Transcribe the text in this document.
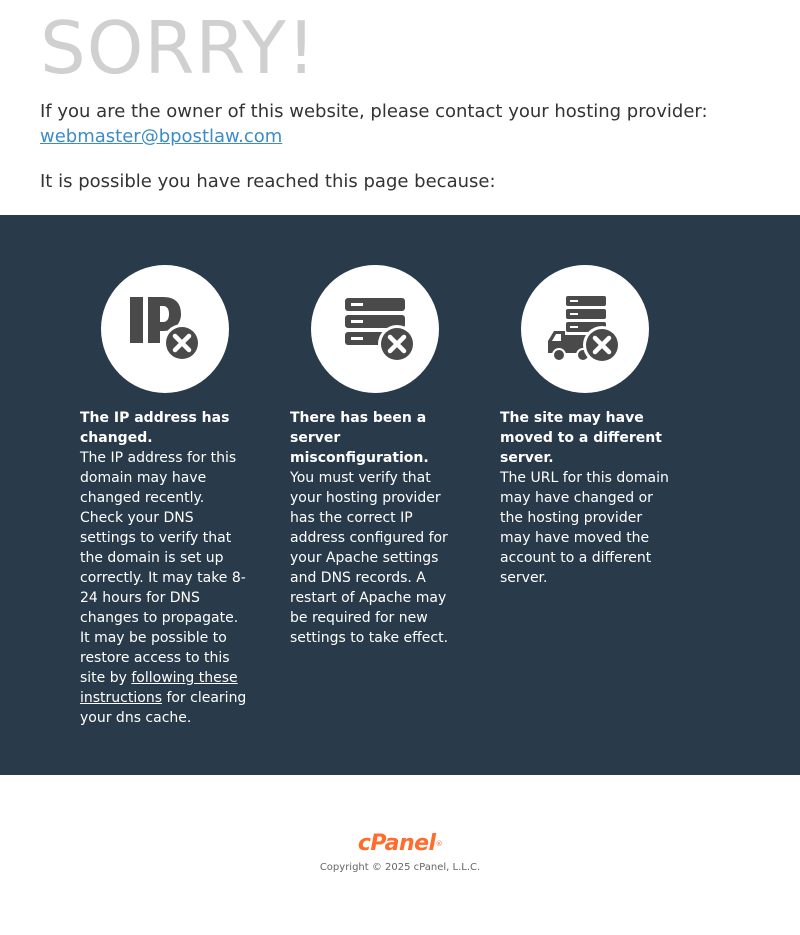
SORRY!

If you are the owner of this website, please contact your hosting provider:
webmaster@bpostlaw.com

It is possible you have reached this page because:

The IP address has changed.
The IP address for this domain may have changed recently. Check your DNS settings to verify that the domain is set up correctly. It may take 8-24 hours for DNS changes to propagate. It may be possible to restore access to this site by following these instructions for clearing your dns cache.
There has been a server misconfiguration.
You must verify that your hosting provider has the correct IP address configured for your Apache settings and DNS records. A restart of Apache may be required for new settings to take effect.
The site may have moved to a different server.
The URL for this domain may have changed or the hosting provider may have moved the account to a different server.
cPanel®
Copyright © 2025 cPanel, L.L.C.
